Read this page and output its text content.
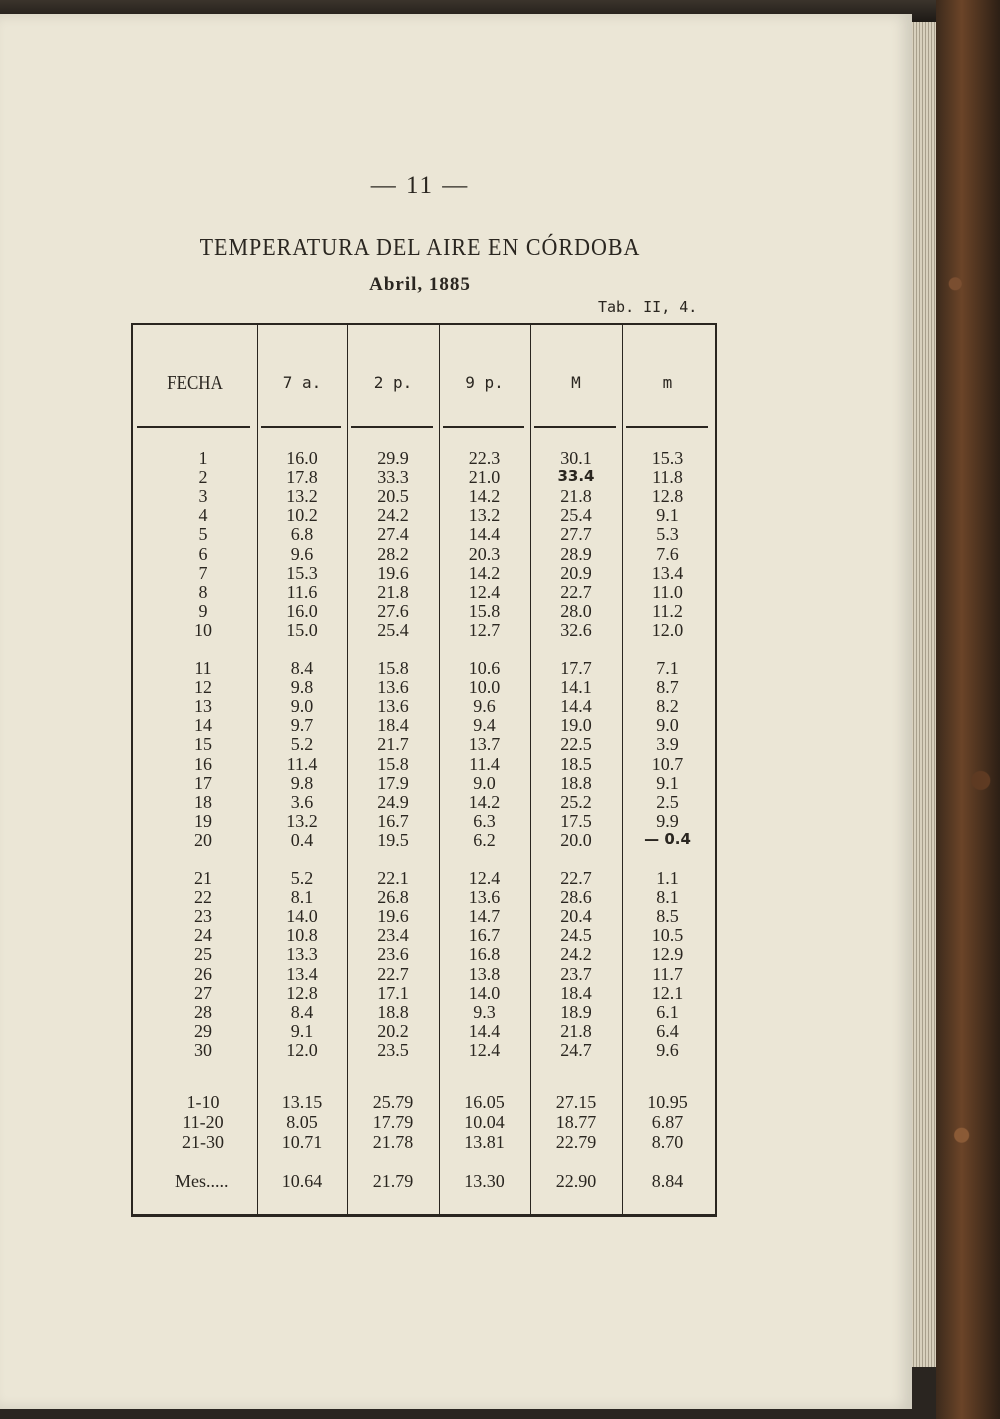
— 11 —
TEMPERATURA DEL AIRE EN CÓRDOBA
Abril, 1885
Tab. II, 4.
FECHA	7 a.	2 p.	9 p.	M	m
1	16.0	29.9	22.3	30.1	15.3
2	17.8	33.3	21.0	33.4	11.8
3	13.2	20.5	14.2	21.8	12.8
4	10.2	24.2	13.2	25.4	9.1
5	6.8	27.4	14.4	27.7	5.3
6	9.6	28.2	20.3	28.9	7.6
7	15.3	19.6	14.2	20.9	13.4
8	11.6	21.8	12.4	22.7	11.0
9	16.0	27.6	15.8	28.0	11.2
10	15.0	25.4	12.7	32.6	12.0
11	8.4	15.8	10.6	17.7	7.1
12	9.8	13.6	10.0	14.1	8.7
13	9.0	13.6	9.6	14.4	8.2
14	9.7	18.4	9.4	19.0	9.0
15	5.2	21.7	13.7	22.5	3.9
16	11.4	15.8	11.4	18.5	10.7
17	9.8	17.9	9.0	18.8	9.1
18	3.6	24.9	14.2	25.2	2.5
19	13.2	16.7	6.3	17.5	9.9
20	0.4	19.5	6.2	20.0	— 0.4
21	5.2	22.1	12.4	22.7	1.1
22	8.1	26.8	13.6	28.6	8.1
23	14.0	19.6	14.7	20.4	8.5
24	10.8	23.4	16.7	24.5	10.5
25	13.3	23.6	16.8	24.2	12.9
26	13.4	22.7	13.8	23.7	11.7
27	12.8	17.1	14.0	18.4	12.1
28	8.4	18.8	9.3	18.9	6.1
29	9.1	20.2	14.4	21.8	6.4
30	12.0	23.5	12.4	24.7	9.6
1-10	13.15	25.79	16.05	27.15	10.95
11-20	8.05	17.79	10.04	18.77	6.87
21-30	10.71	21.78	13.81	22.79	8.70
Mes.....	10.64	21.79	13.30	22.90	8.84
